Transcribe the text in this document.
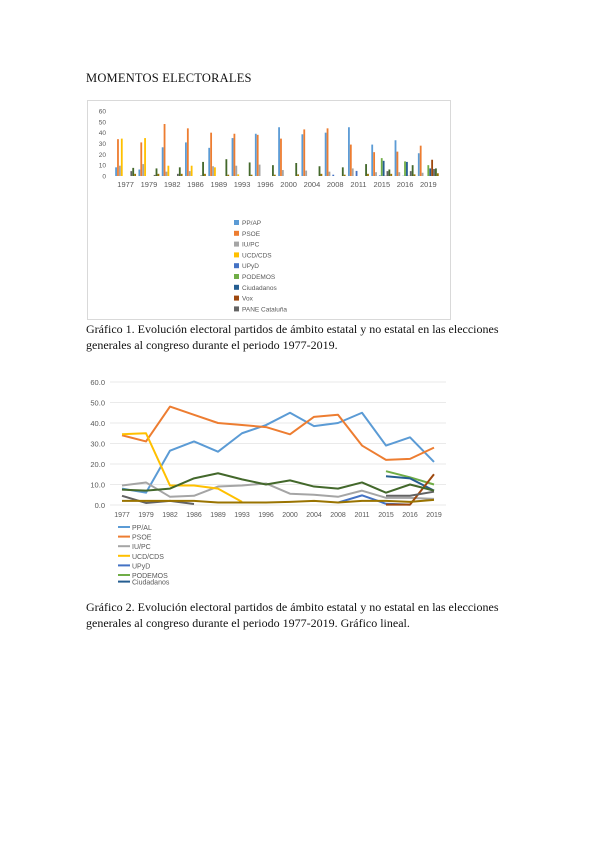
MOMENTOS ELECTORALES
0
10
20
30
40
50
60
1977 1979 1982 1986 1989 1993 1996 2000 2004 2008 2011 2015 2016 2019
PP/AP
PSOE
IU/PC
UCD/CDS
UPyD
PODEMOS
Ciudadanos
Vox
PANE Cataluña
Gráfico 1. Evolución electoral partidos de ámbito estatal y no estatal en las elecciones generales al congreso durante el periodo 1977-2019.
0.0
10.0
20.0
30.0
40.0
50.0
60.0
1977 1979 1982 1986 1989 1993 1996 2000 2004 2008 2011 2015 2016 2019
PP/AL
PSOE
IU/PC
UCD/CDS
UPyD
PODEMOS
Ciudadanos
Gráfico 2. Evolución electoral partidos de ámbito estatal y no estatal en las elecciones generales al congreso durante el periodo 1977-2019. Gráfico lineal.
